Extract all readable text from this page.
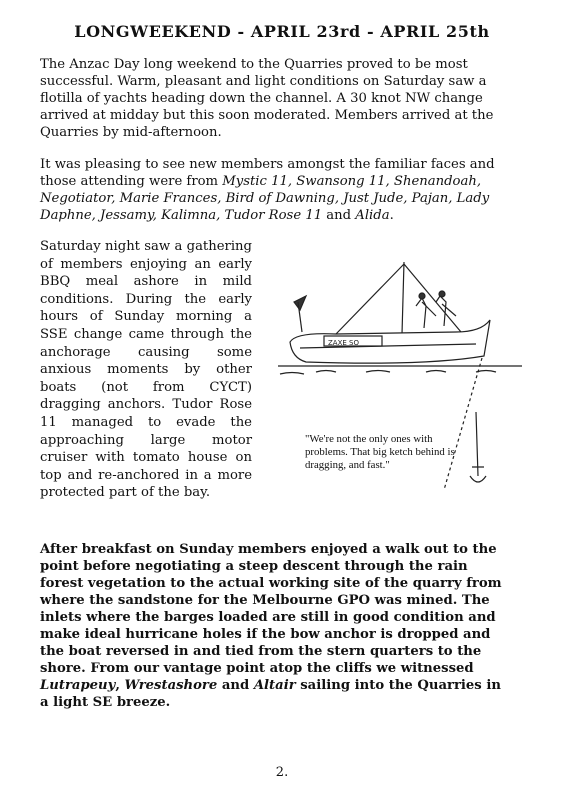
LONGWEEKEND - APRIL 23rd - APRIL 25th
The Anzac Day long weekend to the Quarries proved to be most successful. Warm, pleasant and light conditions on Saturday saw a flotilla of yachts heading down the channel. A 30 knot NW change arrived at midday but this soon moderated. Members arrived at the Quarries by mid-afternoon.
It was pleasing to see new members amongst the familiar faces and those attending were from Mystic 11, Swansong 11, Shenandoah, Negotiator, Marie Frances, Bird of Dawning, Just Jude, Pajan, Lady Daphne, Jessamy, Kalimna, Tudor Rose 11 and Alida.
Saturday night saw a gathering of members enjoying an early BBQ meal ashore in mild conditions. During the early hours of Sunday morning a SSE change came through the anchorage causing some anxious moments by other boats (not from CYCT) dragging anchors. Tudor Rose 11 managed to evade the approaching large motor cruiser with tomato house on top and re-anchored in a more protected part of the bay.
ZAXE SO
"We're not the only ones with problems. That big ketch behind is dragging, and fast."
After breakfast on Sunday members enjoyed a walk out to the point before negotiating a steep descent through the rain forest vegetation to the actual working site of the quarry from where the sandstone for the Melbourne GPO was mined. The inlets where the barges loaded are still in good condition and make ideal hurricane holes if the bow anchor is dropped and the boat reversed in and tied from the stern quarters to the shore. From our vantage point atop the cliffs we witnessed Lutrapeuy, Wrestashore and Altair sailing into the Quarries in a light SE breeze.
2.
